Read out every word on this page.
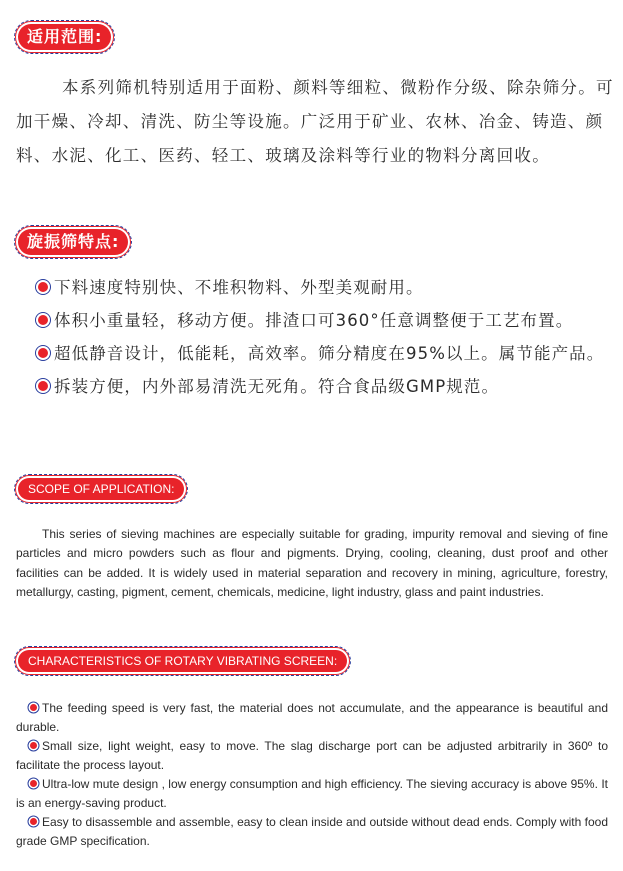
适用范围:

本系列筛机特别适用于面粉、颜料等细粒、微粉作分级、除杂筛分。可加干燥、冷却、清洗、防尘等设施。广泛用于矿业、农林、冶金、铸造、颜料、水泥、化工、医药、轻工、玻璃及涂料等行业的物料分离回收。

旋振筛特点:
下料速度特别快、不堆积物料、外型美观耐用。
体积小重量轻，移动方便。排渣口可360°任意调整便于工艺布置。
超低静音设计，低能耗，高效率。筛分精度在95%以上。属节能产品。
拆装方便，内外部易清洗无死角。符合食品级GMP规范。
SCOPE OF APPLICATION:

This series of sieving machines are especially suitable for grading, impurity removal and sieving of fine particles and micro powders such as flour and pigments. Drying, cooling, cleaning, dust proof and other facilities can be added. It is widely used in material separation and recovery in mining, agriculture, forestry, metallurgy, casting, pigment, cement, chemicals, medicine, light industry, glass and paint industries.

CHARACTERISTICS OF ROTARY VIBRATING SCREEN:
The feeding speed is very fast, the material does not accumulate, and the appearance is beautiful and durable.
Small size, light weight, easy to move. The slag discharge port can be adjusted arbitrarily in 360º to facilitate the process layout.
Ultra-low mute design , low energy consumption and high efficiency. The sieving accuracy is above 95%. It is an energy-saving product.
Easy to disassemble and assemble, easy to clean inside and outside without dead ends. Comply with food grade GMP specification.
